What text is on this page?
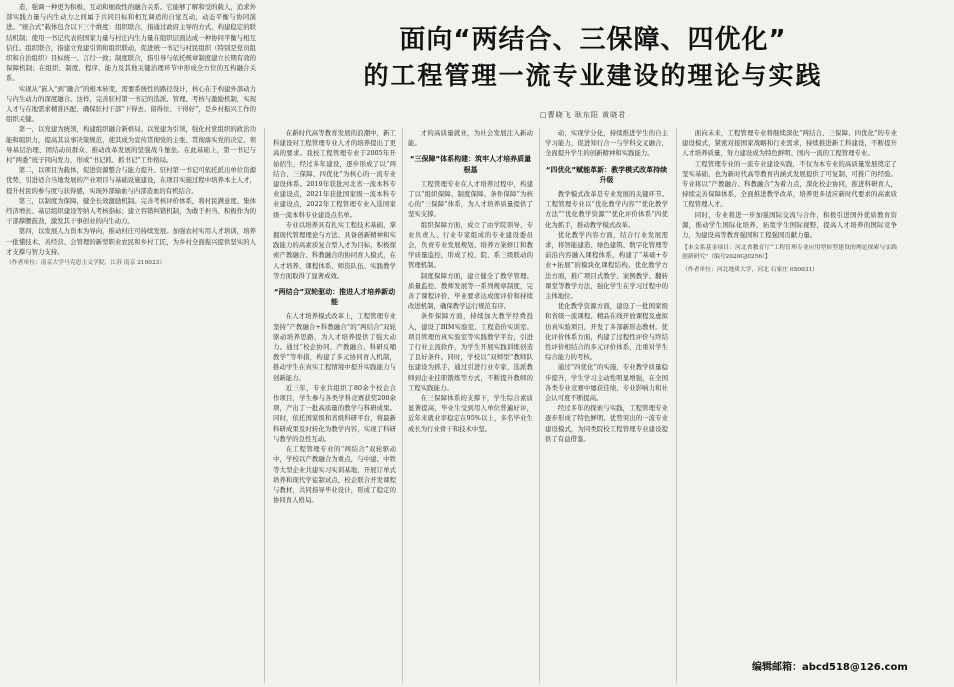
造，强调一种更为积极、互动和细致性的融合关系。它能够了解和受的载人，追求外部实践力量与内生动力之间属于共同目标和相互调适的自觉互动，动态平衡与协同演进。“统合式”载体包含以下三个维度：组织联合，指通过政府主导的方式，构建稳定的联结机制；使用一书记代表的国家力量与村庄内生力量在组织层面达成一种协同平衡与相互信任。组织联合，指建立党建引领和组织联动，促进统一书记与村民组织（特别是党员组织和自治组织）目标统一、言行一致；制度联合，指引导与依托规章制度建立长期有效的保障机制；在组织、制度、程序、能力及其他关键治理环节中形成全方位的互构融合关系。

实现从“嵌入”到“融合”的根本转变，需要系统性的路径设计，核心在于构建外部动力与内生动力的深度融合。这样，完善驻村第一书记的选派、管理、考核与激励机制，实现人才与在地需求精准匹配，确保驻村干部“下得去、留得住、干得好”，是乡村振兴工作的组织关键。

第一，以党建为统领，构建组织融合新格局。以党建为引领，强化村党组织的政治功能和组织力，提高其议事决策规范，使其成为宣传贯彻党的主张、贯彻落实党的决定、领导基层治理、团结动员群众、推动改革发展的坚强战斗堡垒。在此基础上，第一书记与村“两委”班子同向发力，形成“书记抓、抓书记”工作格局。

第二，以项目为载体，促进资源整合与能力提升。驻村第一书记可依托派出单位资源优势，引进适合当地发展的产业项目与基础设施建设，在项目实施过程中培养本土人才，提升村民的参与度与获得感，实现外部输血与内部造血的有机结合。

第三，以制度为保障，健全长效激励机制。完善考核评价体系，将村民满意度、集体经济增长、基层组织建设等纳入考核指标；建立容错纠错机制，为敢于担当、积极作为的干部撑腰鼓劲，激发其干事创业的内生动力。

第四，以发展人力资本为导向，推动村庄可持续发展。加强农村实用人才培训，培养一批懂技术、善经营、会管理的新型职业农民和乡村工匠，为乡村全面振兴提供坚实的人才支撑与智力支持。

（作者单位：南京大学马克思主义学院，江苏 南京 210023）

面向“两结合、三保障、四优化”
的工程管理一流专业建设的理论与实践
□曹晓飞 耿东阳 黄晓君

在新时代高等教育发展的浪潮中，新工科建设对工程管理专业人才的培养提出了更高的要求。我校工程管理专业于2005年开始招生，经过多年建设，逐步形成了以“两结合、三保障、四优化”为核心的一流专业建设体系。2019年获批河北省一流本科专业建设点，2021年获批国家级一流本科专业建设点，2022年工程管理专业入选国家级一流本科专业建设点名单。

专业以培养具有扎实工程技术基础、掌握现代管理理论与方法、具备创新精神和实践能力的高素质复合型人才为目标，积极探索产教融合、科教融合的协同育人模式，在人才培养、课程体系、师资队伍、实践教学等方面取得了显著成效。

“两结合”双轮驱动：推进人才培养新动能

在人才培养模式改革上，工程管理专业坚持“产教融合+科教融合”的“两结合”双轮驱动培养思路，为人才培养提供了强大动力。通过“校企协同、产教融合、科研反哺教学”等举措，构建了多元协同育人机制，推动学生在真实工程情境中提升实践能力与创新能力。

近三年，专业共组织了80余个校企合作项目，学生参与各类学科竞赛获奖200余项，产出了一批高质量的教学与科研成果。同时，依托国家级和省级科研平台，将最新科研成果及时转化为教学内容，实现了科研与教学的良性互动。

在工程管理专业的“两结合”双轮驱动中，学校以产教融合为重点，与中建、中铁等大型企业共建实习实训基地，开展订单式培养和现代学徒制试点，校企联合开发课程与教材，共同指导毕业设计，形成了稳定的协同育人格局。

才的高质量就业，为社会发展注入新动能。

“三保障”体系构建：筑牢人才培养质量根基

工程管理专业在人才培养过程中，构建了以“组织保障、制度保障、条件保障”为核心的“三保障”体系，为人才培养质量提供了坚实支撑。

组织保障方面，成立了由学院领导、专业负责人、行业专家组成的专业建设委员会，负责专业发展规划、培养方案修订和教学质量监控，形成了校、院、系三级联动的管理机制。

制度保障方面，建立健全了教学管理、质量监控、教师发展等一系列规章制度，完善了课程评价、毕业要求达成度评价和持续改进机制，确保教学运行规范有序。

条件保障方面，持续加大教学经费投入，建设了BIM实验室、工程造价实训室、项目管理仿真实验室等实践教学平台，引进了行业主流软件，为学生开展实践训练创造了良好条件。同时，学校以“双师型”教师队伍建设为抓手，通过引进行业专家、选派教师到企业挂职锻炼等方式，不断提升教师的工程实践能力。

在三保障体系的支撑下，学生综合素质显著提高，毕业生受到用人单位普遍好评，近年来就业率稳定在95%以上，多名毕业生成长为行业骨干和技术中坚。

动，实现学分化，持续推进学生的自主学习能力，促进知行合一与学科交叉融合，全面提升学生的创新精神和实践能力。

“四优化”赋能革新：教学模式改革持续升级

教学模式改革是专业发展的关键环节。工程管理专业以“优化教学内容”“优化教学方法”“优化教学资源”“优化评价体系”四优化为抓手，推动教学模式改革。

优化教学内容方面，结合行业发展需求，将智能建造、绿色建筑、数字化管理等前沿内容融入课程体系，构建了“基础+专业+拓展”的模块化课程结构。优化教学方法方面，推广项目式教学、案例教学、翻转课堂等教学方法，强化学生在学习过程中的主体地位。

优化教学资源方面，建设了一批国家级和省级一流课程、精品在线开放课程及虚拟仿真实验项目，开发了多部新形态教材。优化评价体系方面，构建了过程性评价与终结性评价相结合的多元评价体系，注重对学生综合能力的考核。

通过“四优化”的实施，专业教学质量稳步提升，学生学习主动性明显增强，在全国各类专业竞赛中屡获佳绩，专业影响力和社会认可度不断提高。

经过多年的探索与实践，工程管理专业逐步形成了特色鲜明、优势突出的一流专业建设模式，为同类院校工程管理专业建设提供了有益借鉴。

面向未来，工程管理专业将继续深化“两结合、三保障、四优化”的专业建设模式，紧密对接国家战略和行业需求，持续推进新工科建设，不断提升人才培养质量，努力建设成为特色鲜明、国内一流的工程管理专业。

工程管理专业的一流专业建设实践，不仅为本专业的高质量发展奠定了坚实基础，也为新时代高等教育内涵式发展提供了可复制、可推广的经验。专业将以“产教融合、科教融合”为着力点，深化校企协同，推进科研育人，持续完善保障体系，全面推进教学改革，培养更多适应新时代要求的高素质工程管理人才。

同时，专业将进一步加强国际交流与合作，积极引进国外优质教育资源，推动学生国际化培养，拓宽学生国际视野，提高人才培养的国际竞争力，为建设高等教育强国和工程强国贡献力量。

【本文系基金项目：河北省教育厅“工程管理专业应用型转型建设的理论探索与实践创新研究”（编号2020GJ0256）】

（作者单位：河北地质大学，河北 石家庄 050031）

编辑邮箱：abcd518@126.com
